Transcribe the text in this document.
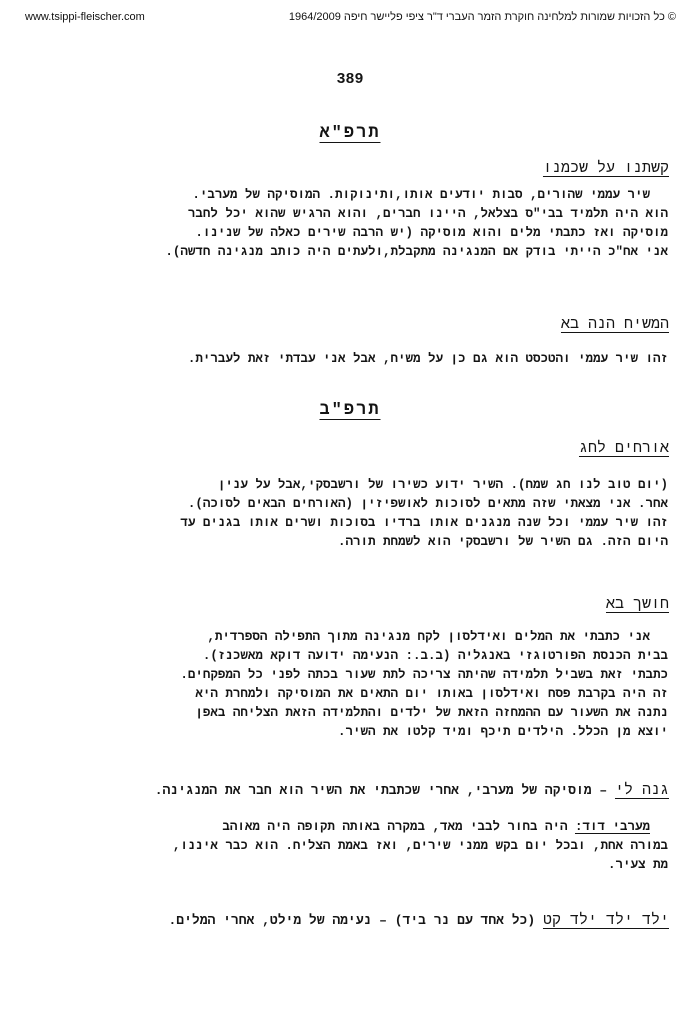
www.tsippi-fleischer.com	© כל הזכויות שמורות למלחינה חוקרת הזמר העברי ד"ר ציפי פליישר חיפה 1964/2009
389
תרפ"א
קשתנו על שכמנו

שיר עממי שהורים, סבות יודעים אותו,ותינוקות. המוסיקה של מערבי.

הוא היה תלמיד בבי"ס בצלאל, היינו חברים, והוא הרגיש שהוא יכל לחבר

מוסיקה ואז כתבתי מלים והוא מוסיקה (יש הרבה שירים כאלה של שנינו.

אני אח"כ הייתי בודק אם המנגינה מתקבלת,ולעתים היה כותב מנגינה חדשה).

המשיח הנה בא

זהו שיר עממי והטכסט הוא גם כן על משיח, אבל אני עבדתי זאת לעברית.

תרפ"ב
אורחים לחג

(יום טוב לנו חג שמח). השיר ידוע כשירו של ורשבסקי,אבל על ענין

אחר. אני מצאתי שזה מתאים לסוכות לאושפיזין (האורחים הבאים לסוכה).

זהו שיר עממי וכל שנה מנגנים אותו ברדיו בסוכות ושרים אותו בגנים עד

היום הזה. גם השיר של ורשבסקי הוא לשמחת תורה.

חושך בא

אני כתבתי את המלים ואידלסון לקח מנגינה מתוך התפילה הספרדית,

בבית הכנסת הפורטוגזי באנגליה (ב.ב.: הנעימה ידועה דוקא מאשכנז).

כתבתי זאת בשביל תלמידה שהיתה צריכה לתת שעור בכתה לפני כל המפקחים.

זה היה בקרבת פסח ואידלסון באותו יום התאים את המוסיקה ולמחרת היא

נתנה את השעור עם ההמחזה הזאת של ילדים והתלמידה הזאת הצליחה באפן

יוצא מן הכלל. הילדים תיכף ומיד קלטו את השיר.

גנה לי – מוסיקה של מערבי, אחרי שכתבתי את השיר הוא חבר את המנגינה.

מערבי דוד: היה בחור לבבי מאד, במקרה באותה תקופה היה מאוהב

במורה אחת, ובכל יום בקש ממני שירים, ואז באמת הצליח. הוא כבר איננו,

מת צעיר.

ילד ילד ילד קט (כל אחד עם נר ביד) – נעימה של מילט, אחרי המלים.
